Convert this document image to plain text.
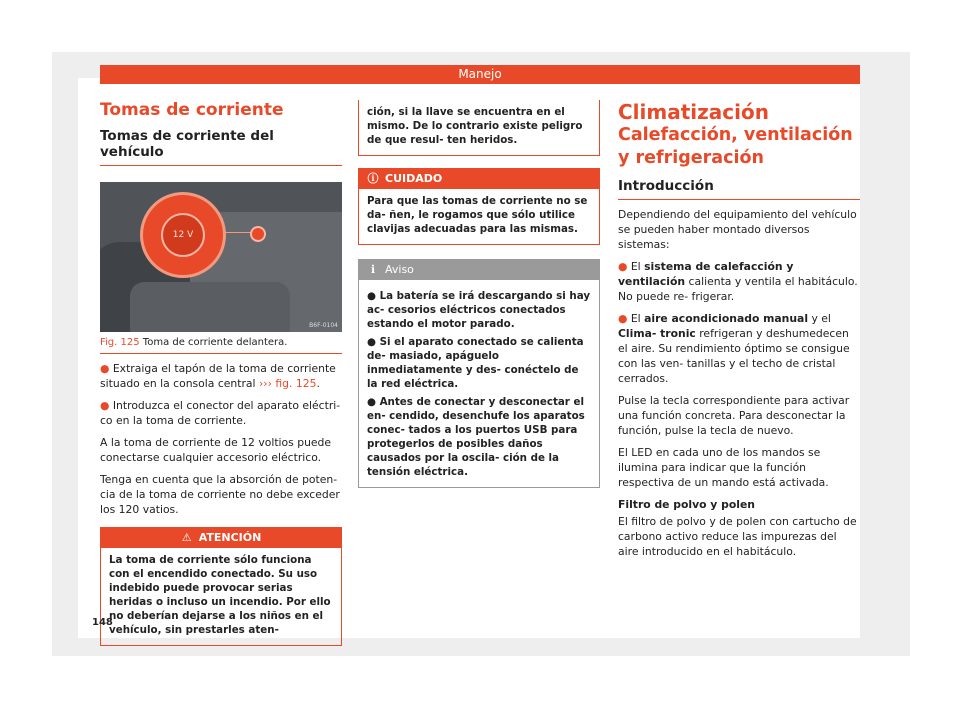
Manejo
Tomas de corriente
Tomas de corriente del vehículo
12 V
B6F-0104
Fig. 125 Toma de corriente delantera.

● Extraiga el tapón de la toma de corriente situado en la consola central ››› fig. 125.

● Introduzca el conector del aparato eléctri- co en la toma de corriente.

A la toma de corriente de 12 voltios puede conectarse cualquier accesorio eléctrico.

Tenga en cuenta que la absorción de poten- cia de la toma de corriente no debe exceder los 120 vatios.

⚠ ATENCIÓN
La toma de corriente sólo funciona con el encendido conectado. Su uso indebido puede provocar serias heridas o incluso un incendio. Por ello no deberían dejarse a los niños en el vehículo, sin prestarles aten-
ción, si la llave se encuentra en el mismo. De lo contrario existe peligro de que resul- ten heridos.
ⓘ CUIDADO
Para que las tomas de corriente no se da- ñen, le rogamos que sólo utilice clavijas adecuadas para las mismas.
ℹ Aviso

● La batería se irá descargando si hay ac- cesorios eléctricos conectados estando el motor parado.

● Si el aparato conectado se calienta de- masiado, apáguelo inmediatamente y des- conéctelo de la red eléctrica.

● Antes de conectar y desconectar el en- cendido, desenchufe los aparatos conec- tados a los puertos USB para protegerlos de posibles daños causados por la oscila- ción de la tensión eléctrica.

Climatización
Calefacción, ventilación y refrigeración
Introducción

Dependiendo del equipamiento del vehículo se pueden haber montado diversos sistemas:

● El sistema de calefacción y ventilación calienta y ventila el habitáculo. No puede re- frigerar.

● El aire acondicionado manual y el Clima- tronic refrigeran y deshumedecen el aire. Su rendimiento óptimo se consigue con las ven- tanillas y el techo de cristal cerrados.

Pulse la tecla correspondiente para activar una función concreta. Para desconectar la función, pulse la tecla de nuevo.

El LED en cada uno de los mandos se ilumina para indicar que la función respectiva de un mando está activada.

Filtro de polvo y polen

El filtro de polvo y de polen con cartucho de carbono activo reduce las impurezas del aire introducido en el habitáculo.

148
